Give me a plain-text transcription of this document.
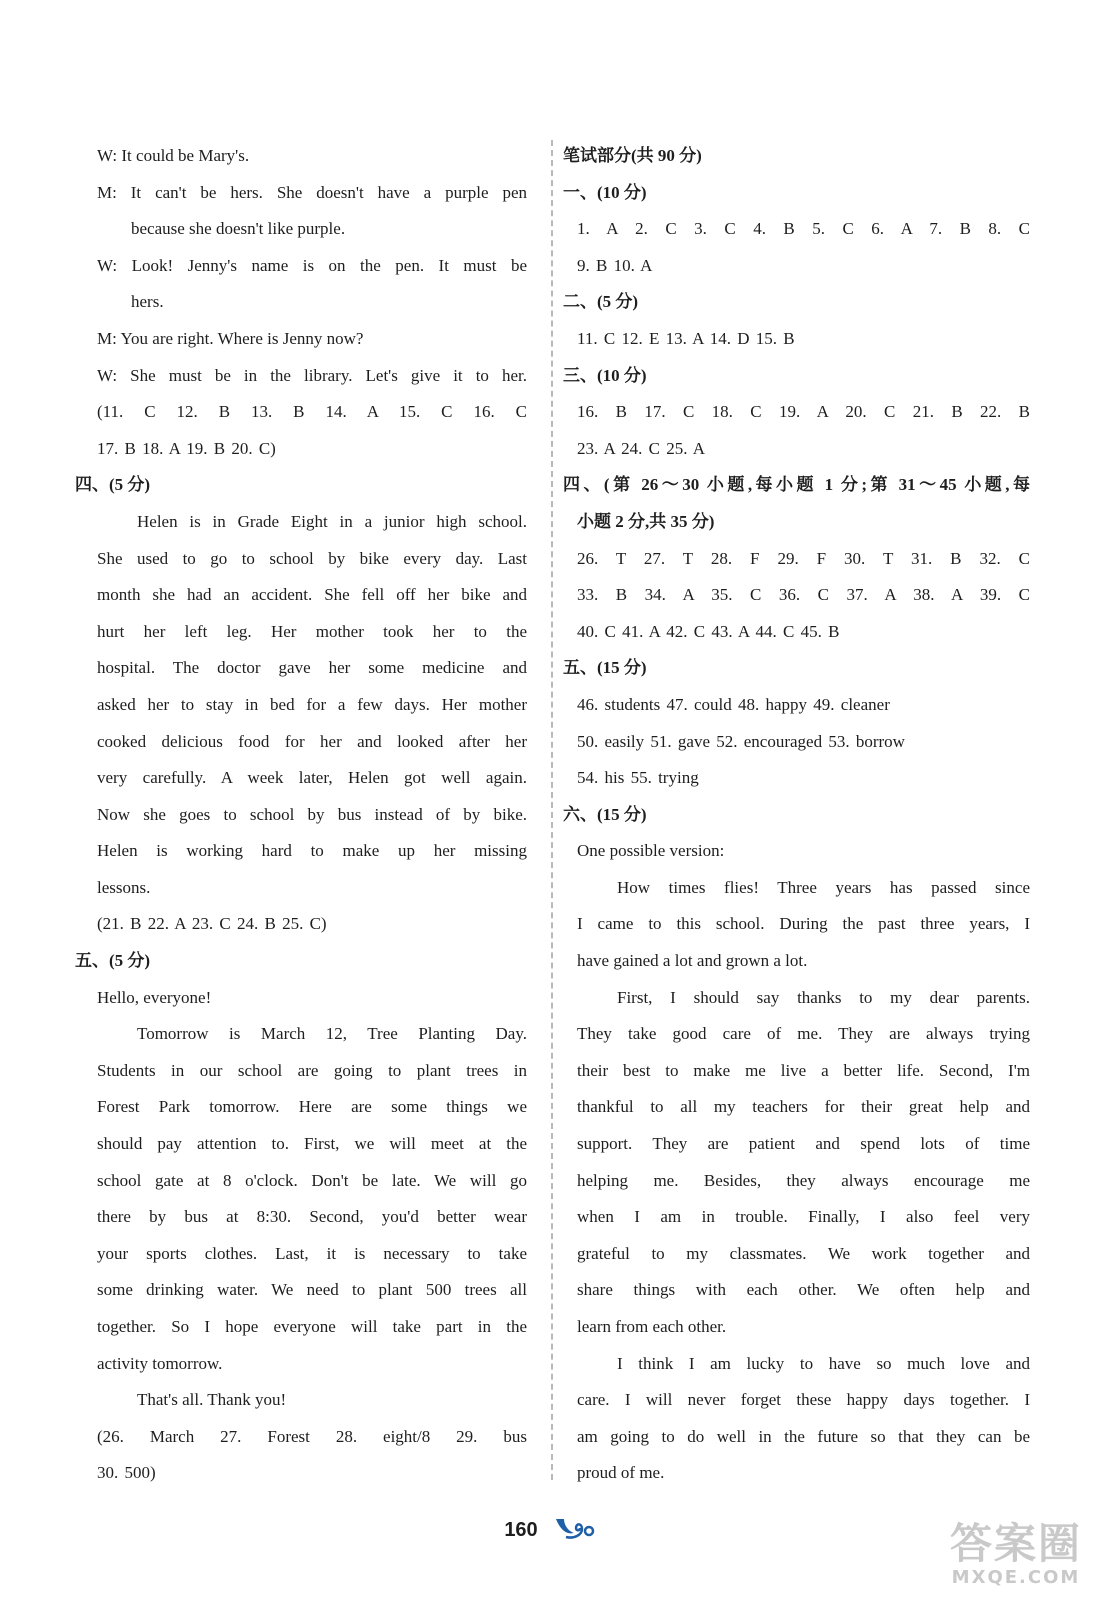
W: It could be Mary's.
M: It can't be hers. She doesn't have a purple pen
because she doesn't like purple.
W: Look! Jenny's name is on the pen. It must be
hers.
M: You are right. Where is Jenny now?
W: She must be in the library. Let's give it to her.
(11. C 12. B 13. B 14. A 15. C 16. C
17. B 18. A 19. B 20. C)
四、(5 分)
Helen is in Grade Eight in a junior high school.
She used to go to school by bike every day. Last
month she had an accident. She fell off her bike and
hurt her left leg. Her mother took her to the
hospital. The doctor gave her some medicine and
asked her to stay in bed for a few days. Her mother
cooked delicious food for her and looked after her
very carefully. A week later, Helen got well again.
Now she goes to school by bus instead of by bike.
Helen is working hard to make up her missing
lessons.
(21. B 22. A 23. C 24. B 25. C)
五、(5 分)
Hello, everyone!
Tomorrow is March 12, Tree Planting Day.
Students in our school are going to plant trees in
Forest Park tomorrow. Here are some things we
should pay attention to. First, we will meet at the
school gate at 8 o'clock. Don't be late. We will go
there by bus at 8:30. Second, you'd better wear
your sports clothes. Last, it is necessary to take
some drinking water. We need to plant 500 trees all
together. So I hope everyone will take part in the
activity tomorrow.
That's all. Thank you!
(26. March 27. Forest 28. eight/8 29. bus
30. 500)
笔试部分(共 90 分)
一、(10 分)
1. A 2. C 3. C 4. B 5. C 6. A 7. B 8. C
9. B 10. A
二、(5 分)
11. C 12. E 13. A 14. D 15. B
三、(10 分)
16. B 17. C 18. C 19. A 20. C 21. B 22. B
23. A 24. C 25. A
四、(第 26～30 小题,每小题 1 分;第 31～45 小题,每
小题 2 分,共 35 分)
26. T 27. T 28. F 29. F 30. T 31. B 32. C
33. B 34. A 35. C 36. C 37. A 38. A 39. C
40. C 41. A 42. C 43. A 44. C 45. B
五、(15 分)
46. students 47. could 48. happy 49. cleaner
50. easily 51. gave 52. encouraged 53. borrow
54. his 55. trying
六、(15 分)
One possible version:
How times flies! Three years has passed since
I came to this school. During the past three years, I
have gained a lot and grown a lot.
First, I should say thanks to my dear parents.
They take good care of me. They are always trying
their best to make me live a better life. Second, I'm
thankful to all my teachers for their great help and
support. They are patient and spend lots of time
helping me. Besides, they always encourage me
when I am in trouble. Finally, I also feel very
grateful to my classmates. We work together and
share things with each other. We often help and
learn from each other.
I think I am lucky to have so much love and
care. I will never forget these happy days together. I
am going to do well in the future so that they can be
proud of me.
160	答案圈
MXQE.COM
